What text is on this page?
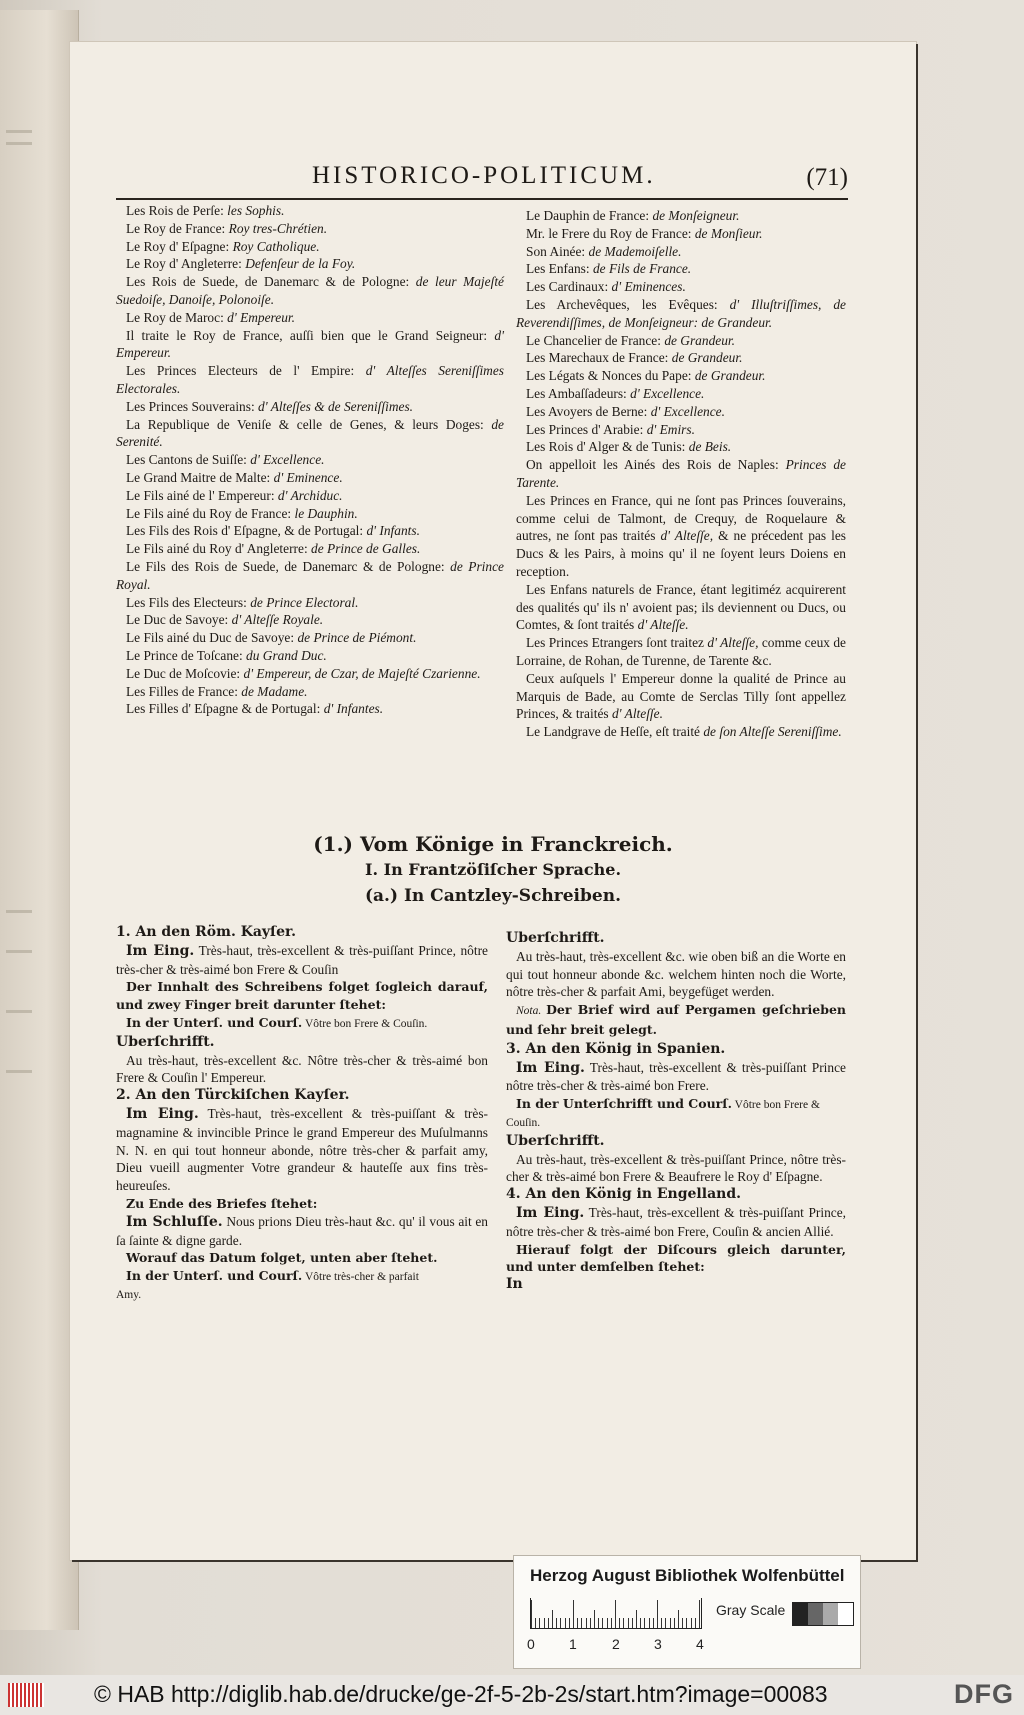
HISTORICO-POLITICUM.	(71)

Les Rois de Perſe: les Sophis.

Le Roy de France: Roy tres-Chrétien.

Le Roy d' Eſpagne: Roy Catholique.

Le Roy d' Angleterre: Defenſeur de la Foy.

Les Rois de Suede, de Danemarc & de Pologne: de leur Majeſté Suedoiſe, Danoiſe, Polonoiſe.

Le Roy de Maroc: d' Empereur.

Il traite le Roy de France, auſſi bien que le Grand Seigneur: d' Empereur.

Les Princes Electeurs de l' Empire: d' Alteſſes Sereniſſimes Electorales.

Les Princes Souverains: d' Alteſſes & de Sereniſſimes.

La Republique de Veniſe & celle de Genes, & leurs Doges: de Serenité.

Les Cantons de Suiſſe: d' Excellence.

Le Grand Maitre de Malte: d' Eminence.

Le Fils ainé de l' Empereur: d' Archiduc.

Le Fils ainé du Roy de France: le Dauphin.

Les Fils des Rois d' Eſpagne, & de Portugal: d' Infants.

Le Fils ainé du Roy d' Angleterre: de Prince de Galles.

Le Fils des Rois de Suede, de Danemarc & de Pologne: de Prince Royal.

Les Fils des Electeurs: de Prince Electoral.

Le Duc de Savoye: d' Alteſſe Royale.

Le Fils ainé du Duc de Savoye: de Prince de Piémont.

Le Prince de Toſcane: du Grand Duc.

Le Duc de Moſcovie: d' Empereur, de Czar, de Majeſté Czarienne.

Les Filles de France: de Madame.

Les Filles d' Eſpagne & de Portugal: d' Infantes.

Le Dauphin de France: de Monſeigneur.

Mr. le Frere du Roy de France: de Monſieur.

Son Ainée: de Mademoiſelle.

Les Enfans: de Fils de France.

Les Cardinaux: d' Eminences.

Les Archevêques, les Evêques: d' Illuſtriſſimes, de Reverendiſſimes, de Monſeigneur: de Grandeur.

Le Chancelier de France: de Grandeur.

Les Marechaux de France: de Grandeur.

Les Légats & Nonces du Pape: de Grandeur.

Les Ambaſſadeurs: d' Excellence.

Les Avoyers de Berne: d' Excellence.

Les Princes d' Arabie: d' Emirs.

Les Rois d' Alger & de Tunis: de Beis.

On appelloit les Ainés des Rois de Naples: Princes de Tarente.

Les Princes en France, qui ne ſont pas Princes ſouverains, comme celui de Talmont, de Crequy, de Roquelaure & autres, ne ſont pas traités d' Alteſſe, & ne précedent pas les Ducs & les Pairs, à moins qu' il ne ſoyent leurs Doiens en reception.

Les Enfans naturels de France, étant legitiméz acquirerent des qualités qu' ils n' avoient pas; ils deviennent ou Ducs, ou Comtes, & ſont traités d' Alteſſe.

Les Princes Etrangers ſont traitez d' Alteſſe, comme ceux de Lorraine, de Rohan, de Turenne, de Tarente &c.

Ceux auſquels l' Empereur donne la qualité de Prince au Marquis de Bade, au Comte de Serclas Tilly ſont appellez Princes, & traités d' Alteſſe.

Le Landgrave de Heſſe, eſt traité de ſon Alteſſe Sereniſſime.

(1.) Vom Könige in Franckreich.
I. In Frantzöſiſcher Sprache.
(a.) In Cantzley-Schreiben.

1. An den Röm. Kayſer.

Im Eing. Très-haut, très-excellent & très-puiſſant Prince, nôtre très-cher & très-aimé bon Frere & Couſin

Der Innhalt des Schreibens folget ſogleich darauf, und zwey Finger breit darunter ſtehet:

In der Unterſ. und Courſ. Vôtre bon Frere & Couſin.

Uberſchrifft.

Au très-haut, très-excellent &c. Nôtre très-cher & très-aimé bon Frere & Couſin l' Empereur.

2. An den Türckiſchen Kayſer.

Im Eing. Très-haut, très-excellent & très-puiſſant & très-magnamine & invincible Prince le grand Empereur des Muſulmanns N. N. en qui tout honneur abonde, nôtre très-cher & parfait amy, Dieu vueill augmenter Votre grandeur & hauteſſe aux fins très-heureuſes.

Zu Ende des Briefes ſtehet:

Im Schluſſe. Nous prions Dieu très-haut &c. qu' il vous ait en ſa ſainte & digne garde.

Worauf das Datum folget, unten aber ſtehet.

In der Unterſ. und Courſ. Vôtre très-cher & parfait

Amy.

Uberſchrifft.

Au très-haut, très-excellent &c. wie oben biß an die Worte en qui tout honneur abonde &c. welchem hinten noch die Worte, nôtre très-cher & parfait Ami, beygefüget werden.

Nota. Der Brief wird auf Pergamen geſchrieben und ſehr breit gelegt.

3. An den König in Spanien.

Im Eing. Très-haut, très-excellent & très-puiſſant Prince nôtre très-cher & très-aimé bon Frere.

In der Unterſchrifft und Courſ. Vôtre bon Frere &

Couſin.

Uberſchrifft.

Au très-haut, très-excellent & très-puiſſant Prince, nôtre très-cher & très-aimé bon Frere & Beaufrere le Roy d' Eſpagne.

4. An den König in Engelland.

Im Eing. Très-haut, très-excellent & très-puiſſant Prince, nôtre très-cher & très-aimé bon Frere, Couſin & ancien Allié.

Hierauf folgt der Diſcours gleich darunter, und unter demſelben ſtehet:

In

Herzog August Bibliothek Wolfenbüttel
Gray Scale
0 1	2 3 4
© HAB http://diglib.hab.de/drucke/ge-2f-5-2b-2s/start.htm?image=00083	DFG
